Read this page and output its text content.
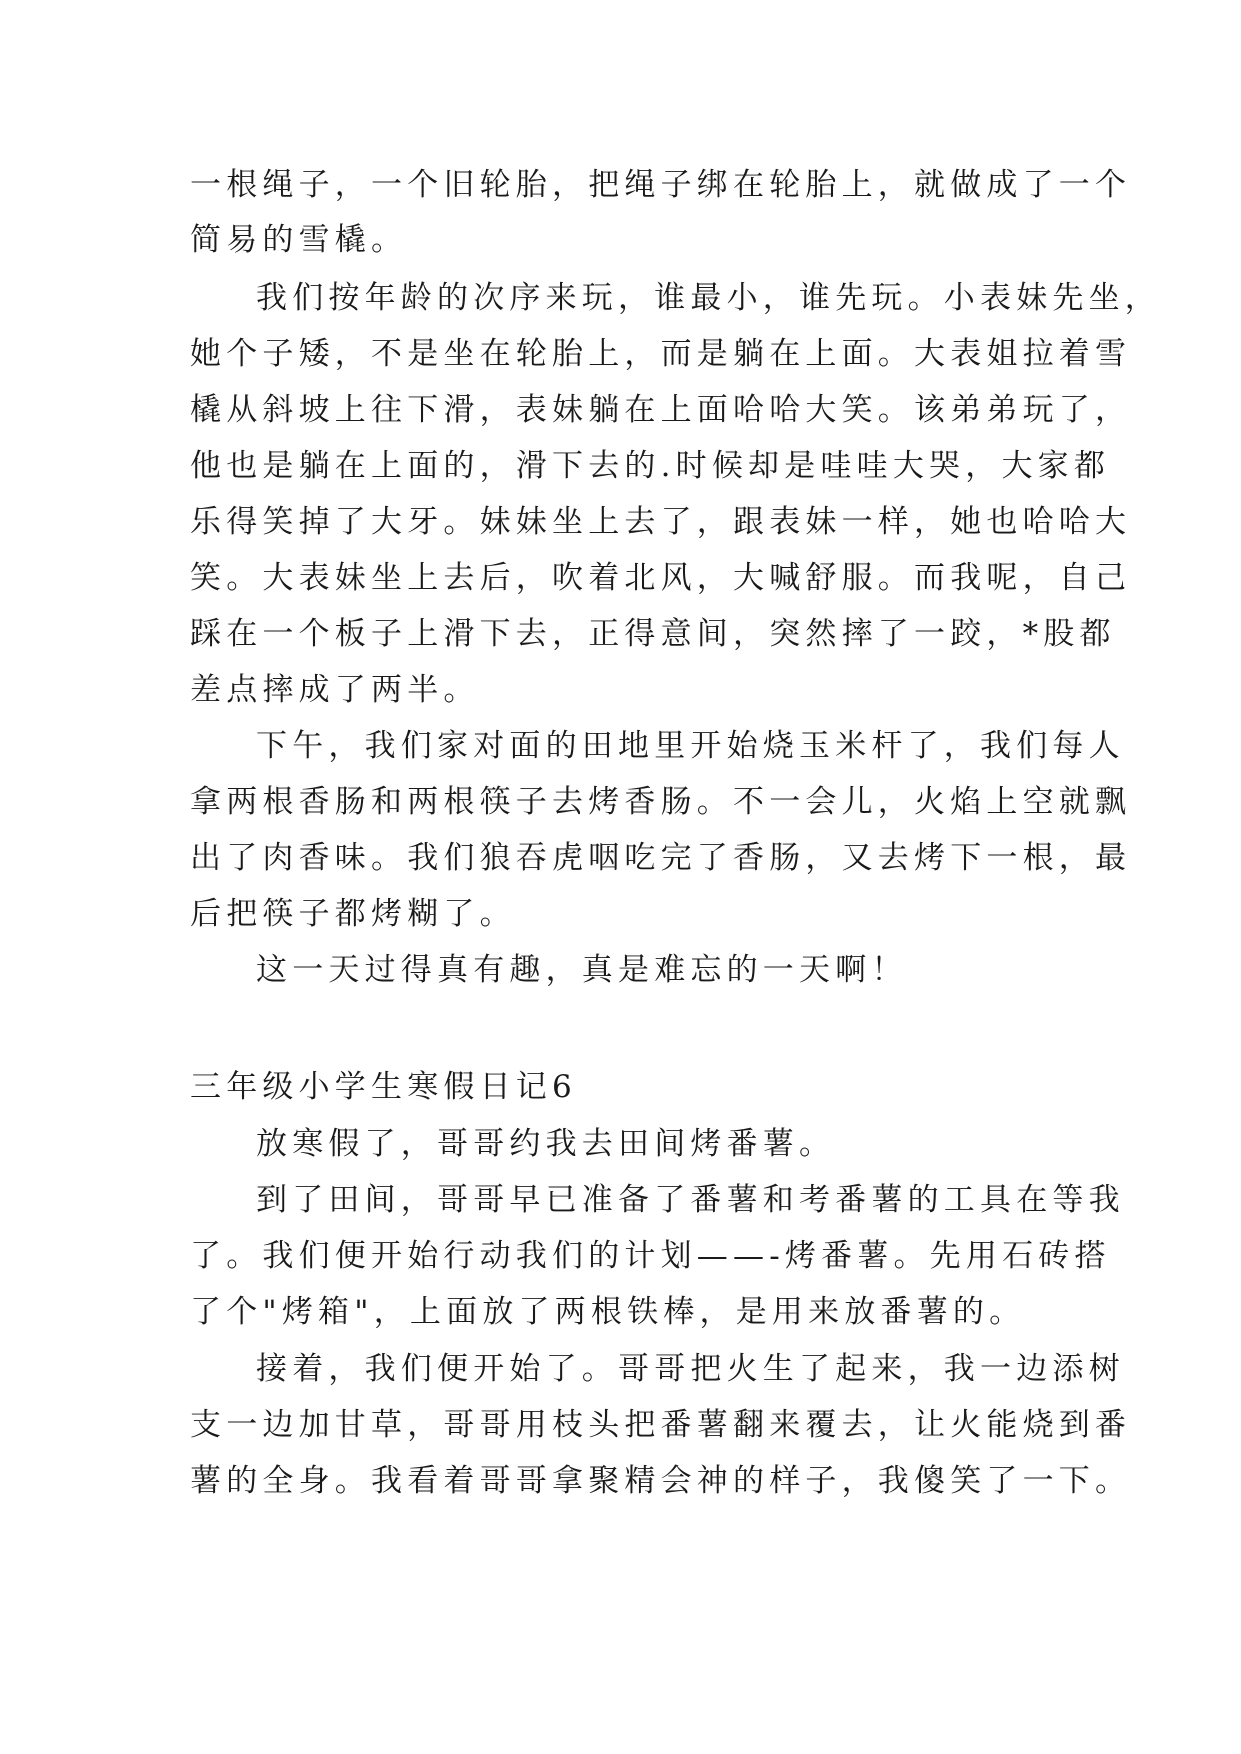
一根绳子，一个旧轮胎，把绳子绑在轮胎上，就做成了一个
简易的雪橇。
我们按年龄的次序来玩，谁最小，谁先玩。小表妹先坐，
她个子矮，不是坐在轮胎上，而是躺在上面。大表姐拉着雪
橇从斜坡上往下滑，表妹躺在上面哈哈大笑。该弟弟玩了，
他也是躺在上面的，滑下去的.时候却是哇哇大哭，大家都
乐得笑掉了大牙。妹妹坐上去了，跟表妹一样，她也哈哈大
笑。大表妹坐上去后，吹着北风，大喊舒服。而我呢，自己
踩在一个板子上滑下去，正得意间，突然摔了一跤，*股都
差点摔成了两半。
下午，我们家对面的田地里开始烧玉米杆了，我们每人
拿两根香肠和两根筷子去烤香肠。不一会儿，火焰上空就飘
出了肉香味。我们狼吞虎咽吃完了香肠，又去烤下一根，最
后把筷子都烤糊了。
这一天过得真有趣，真是难忘的一天啊！
三年级小学生寒假日记6
放寒假了，哥哥约我去田间烤番薯。
到了田间，哥哥早已准备了番薯和考番薯的工具在等我
了。我们便开始行动我们的计划——-烤番薯。先用石砖搭
了个"烤箱"，上面放了两根铁棒，是用来放番薯的。
接着，我们便开始了。哥哥把火生了起来，我一边添树
支一边加甘草，哥哥用枝头把番薯翻来覆去，让火能烧到番
薯的全身。我看着哥哥拿聚精会神的样子，我傻笑了一下。
